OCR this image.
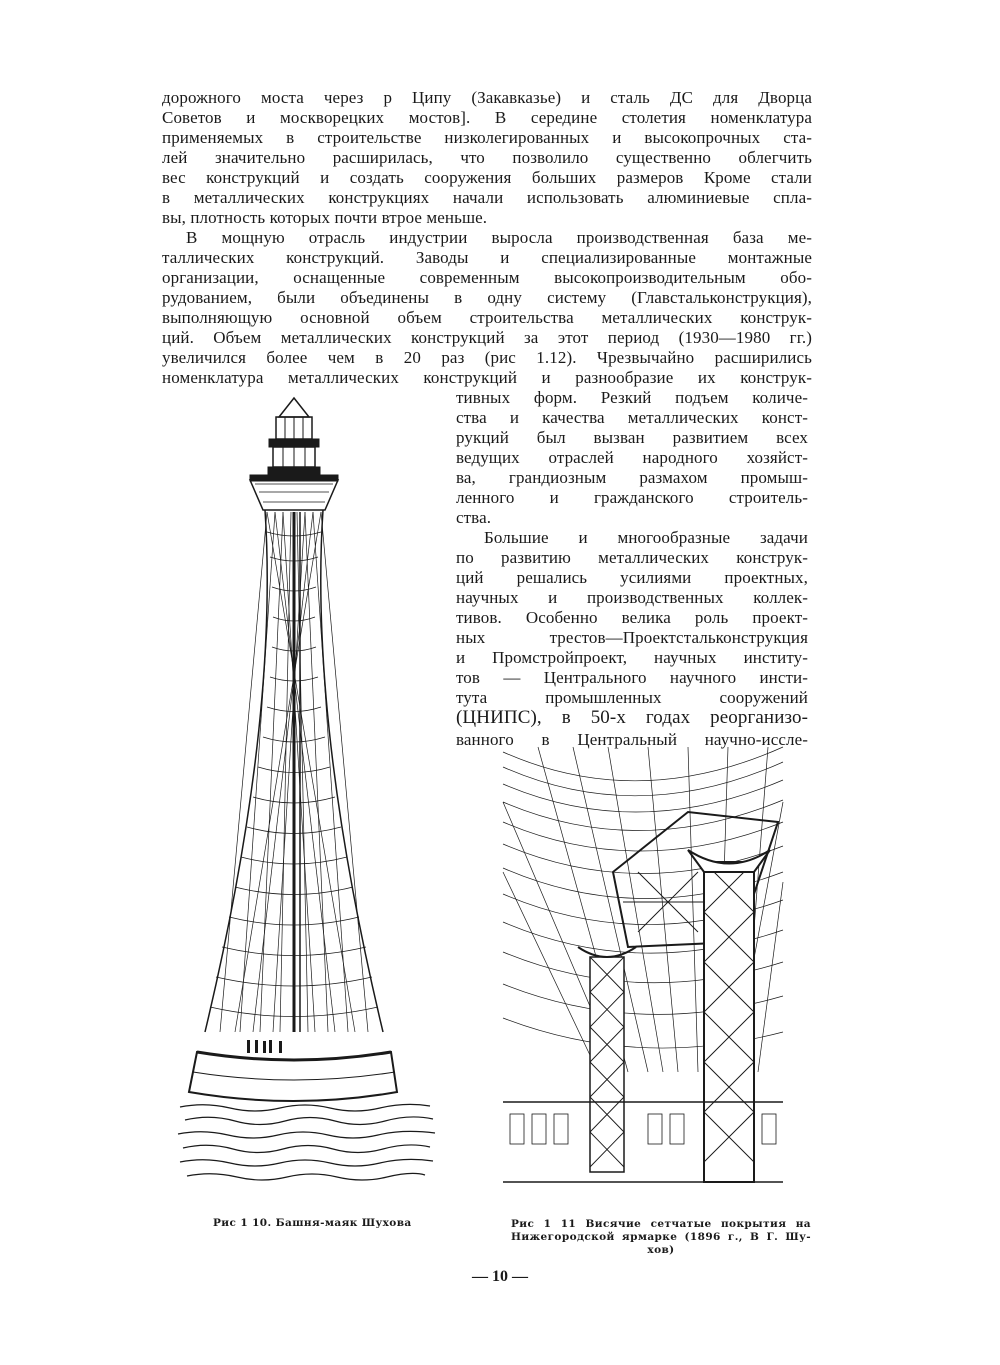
дорожного моста через р Ципу (Закавказье) и сталь ДС для Дворца

Советов и москворецких мостов]. В середине столетия номенклатура

применяемых в строительстве низколегированных и высокопрочных ста-

лей значительно расширилась, что позволило существенно облегчить

вес конструкций и создать сооружения больших размеров Кроме стали

в металлических конструкциях начали использовать алюминиевые спла-

вы, плотность которых почти втрое меньше.

В мощную отрасль индустрии выросла производственная база ме-

таллических конструкций. Заводы и специализированные монтажные

организации, оснащенные современным высокопроизводительным обо-

рудованием, были объединены в одну систему (Главстальконструкция),

выполняющую основной объем строительства металлических конструк-

ций. Объем металлических конструкций за этот период (1930—1980 гг.)

увеличился более чем в 20 раз (рис 1.12). Чрезвычайно расширились

номенклатура металлических конструкций и разнообразие их конструк-

тивных форм. Резкий подъем количе-

ства и качества металлических конст-

рукций был вызван развитием всех

ведущих отраслей народного хозяйст-

ва, грандиозным размахом промыш-

ленного и гражданского строитель-

ства.

Большие и многообразные задачи

по развитию металлических конструк-

ций решались усилиями проектных,

научных и производственных коллек-

тивов. Особенно велика роль проект-

ных трестов—Проектстальконструкция

и Промстройпроект, научных институ-

тов — Центрального научного инсти-

тута промышленных сооружений

(ЦНИПС), в 50-х годах реорганизо-

ванного в Центральный научно-иссле-

Рис 1 10. Башня-маяк Шухова	Рис 1 11 Висячие сетчатые покрытия на

Нижегородской ярмарке (1896 г., В Г. Шу-

хов)

— 10 —
